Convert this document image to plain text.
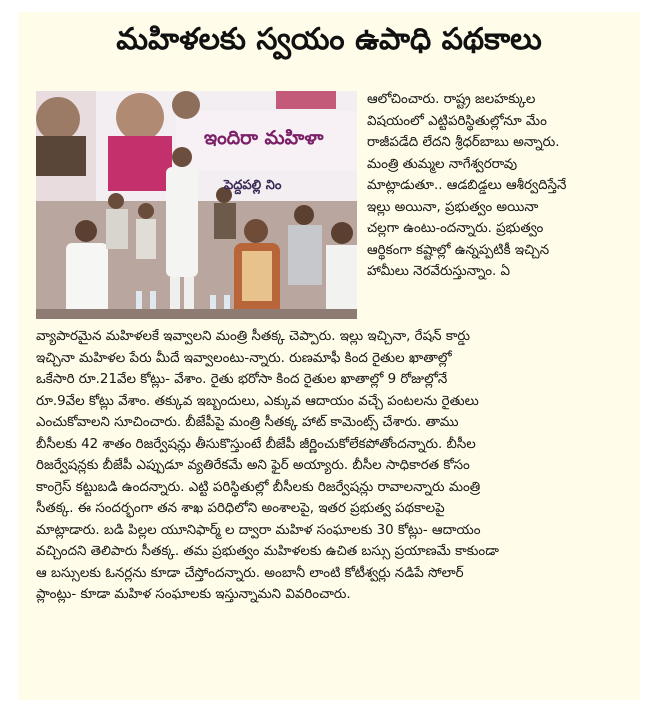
మహిళలకు స్వయం ఉపాధి పథకాలు
ఇందిరా మహిళా
పెద్దపల్లి నిం
ఆలోచించారు. రాష్ట్ర జలహక్కుల
విషయంలో ఎట్టిపరిస్థితుల్లోనూ మేం
రాజీపడేది లేదని శ్రీధర్‌బాబు అన్నారు.
మంత్రి తుమ్మల నాగేశ్వరరావు
మాట్లాడుతూ.. ఆడబిడ్డలు ఆశీర్వదిస్తేనే
ఇల్లు అయినా, ప్రభుత్వం అయినా
చల్లగా ఉంటు-ందన్నారు. ప్రభుత్వం
ఆర్థికంగా కష్టాల్లో ఉన్నప్పటికీ ఇచ్చిన
హామీలు నెరవేరుస్తున్నాం. ఏ
వ్యాపారమైన మహిళలకే ఇవ్వాలని మంత్రి సీతక్క చెప్పారు. ఇల్లు ఇచ్చినా, రేషన్ కార్డు
ఇచ్చినా మహిళల పేరు మీదే ఇవ్వాలంటు-న్నారు. రుణమాఫీ కింద రైతుల ఖాతాల్లో
ఒకేసారి రూ.21వేల కోట్లు- వేశాం. రైతు భరోసా కింద రైతుల ఖాతాల్లో 9 రోజుల్లోనే
రూ.9వేల కోట్లు వేశాం. తక్కువ ఇబ్బందులు, ఎక్కువ ఆదాయం వచ్చే పంటలను రైతులు
ఎంచుకోవాలని సూచించారు. బీజేపీపై మంత్రి సీతక్క హాట్ కామెంట్స్ చేశారు. తాము
బీసీలకు 42 శాతం రిజర్వేషన్లు తీసుకొస్తుంటే బీజేపీ జీర్ణించుకోలేకపోతోందన్నారు. బీసీల
రిజర్వేషన్లకు బీజేపీ ఎప్పుడూ వ్యతిరేకమే అని ఫైర్ అయ్యారు. బీసీల సాధికారత కోసం
కాంగ్రెస్ కట్టుబడి ఉందన్నారు. ఎట్టి పరిస్థితుల్లో బీసీలకు రిజర్వేషన్లు రావాలన్నారు మంత్రి
సీతక్క. ఈ సందర్భంగా తన శాఖ పరిధిలోని అంశాలపై, ఇతర ప్రభుత్వ పథకాలపై
మాట్లాడారు. బడి పిల్లల యూనిఫార్మ్ ల ద్వారా మహిళ సంఘాలకు 30 కోట్లు- ఆదాయం
వచ్చిందని తెలిపారు సీతక్క. తమ ప్రభుత్వం మహిళలకు ఉచిత బస్సు ప్రయాణమే కాకుండా
ఆ బస్సులకు ఓనర్లను కూడా చేస్తోందన్నారు. అంబానీ లాంటి కోటీశ్వర్లు నడిపే సోలార్
ప్లాంట్లు- కూడా మహిళ సంఘాలకు ఇస్తున్నామని వివరించారు.
